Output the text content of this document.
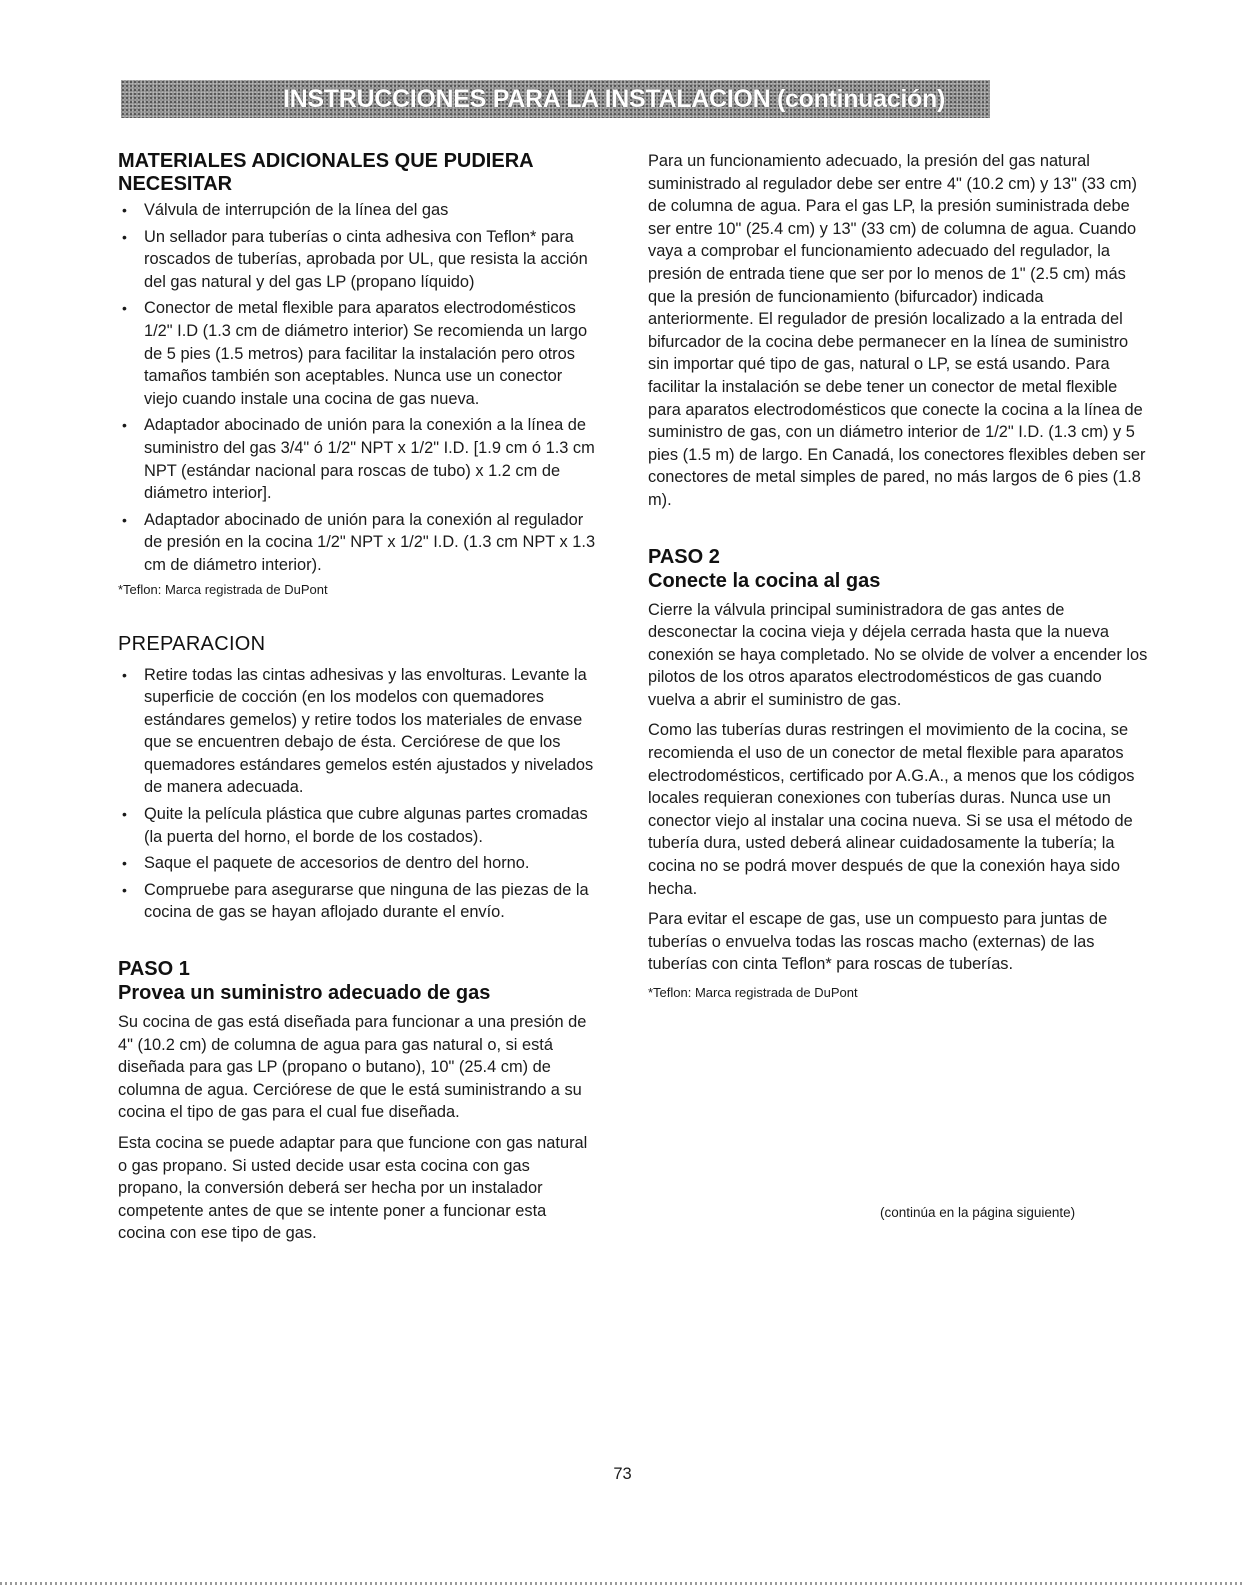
INSTRUCCIONES PARA LA INSTALACION (continuación)
MATERIALES ADICIONALES QUE PUDIERA NECESITAR
• Válvula de interrupción de la línea del gas
• Un sellador para tuberías o cinta adhesiva con Teflon* para roscados de tuberías, aprobada por UL, que resista la acción del gas natural y del gas LP (propano líquido)
• Conector de metal flexible para aparatos electrodomésticos 1/2" I.D (1.3 cm de diámetro interior) Se recomienda un largo de 5 pies (1.5 metros) para facilitar la instalación pero otros tamaños también son aceptables. Nunca use un conector viejo cuando instale una cocina de gas nueva.
• Adaptador abocinado de unión para la conexión a la línea de suministro del gas 3/4" ó 1/2" NPT x 1/2" I.D. [1.9 cm ó 1.3 cm NPT (estándar nacional para roscas de tubo) x 1.2 cm de diámetro interior].
• Adaptador abocinado de unión para la conexión al regulador de presión en la cocina 1/2" NPT x 1/2" I.D. (1.3 cm NPT x 1.3 cm de diámetro interior).

*Teflon: Marca registrada de DuPont

PREPARACION
• Retire todas las cintas adhesivas y las envolturas. Levante la superficie de cocción (en los modelos con quemadores estándares gemelos) y retire todos los materiales de envase que se encuentren debajo de ésta. Cerciórese de que los quemadores estándares gemelos estén ajustados y nivelados de manera adecuada.
• Quite la película plástica que cubre algunas partes cromadas (la puerta del horno, el borde de los costados).
• Saque el paquete de accesorios de dentro del horno.
• Compruebe para asegurarse que ninguna de las piezas de la cocina de gas se hayan aflojado durante el envío.
PASO 1
Provea un suministro adecuado de gas

Su cocina de gas está diseñada para funcionar a una presión de 4" (10.2 cm) de columna de agua para gas natural o, si está diseñada para gas LP (propano o butano), 10" (25.4 cm) de columna de agua. Cerciórese de que le está suministrando a su cocina el tipo de gas para el cual fue diseñada.

Esta cocina se puede adaptar para que funcione con gas natural o gas propano. Si usted decide usar esta cocina con gas propano, la conversión deberá ser hecha por un instalador competente antes de que se intente poner a funcionar esta cocina con ese tipo de gas.

Para un funcionamiento adecuado, la presión del gas natural suministrado al regulador debe ser entre 4" (10.2 cm) y 13" (33 cm) de columna de agua. Para el gas LP, la presión suministrada debe ser entre 10" (25.4 cm) y 13" (33 cm) de columna de agua. Cuando vaya a comprobar el funcionamiento adecuado del regulador, la presión de entrada tiene que ser por lo menos de 1" (2.5 cm) más que la presión de funcionamiento (bifurcador) indicada anteriormente. El regulador de presión localizado a la entrada del bifurcador de la cocina debe permanecer en la línea de suministro sin importar qué tipo de gas, natural o LP, se está usando. Para facilitar la instalación se debe tener un conector de metal flexible para aparatos electrodomésticos que conecte la cocina a la línea de suministro de gas, con un diámetro interior de 1/2" I.D. (1.3 cm) y 5 pies (1.5 m) de largo. En Canadá, los conectores flexibles deben ser conectores de metal simples de pared, no más largos de 6 pies (1.8 m).

PASO 2
Conecte la cocina al gas

Cierre la válvula principal suministradora de gas antes de desconectar la cocina vieja y déjela cerrada hasta que la nueva conexión se haya completado. No se olvide de volver a encender los pilotos de los otros aparatos electrodomésticos de gas cuando vuelva a abrir el suministro de gas.

Como las tuberías duras restringen el movimiento de la cocina, se recomienda el uso de un conector de metal flexible para aparatos electrodomésticos, certificado por A.G.A., a menos que los códigos locales requieran conexiones con tuberías duras. Nunca use un conector viejo al instalar una cocina nueva. Si se usa el método de tubería dura, usted deberá alinear cuidadosamente la tubería; la cocina no se podrá mover después de que la conexión haya sido hecha.

Para evitar el escape de gas, use un compuesto para juntas de tuberías o envuelva todas las roscas macho (externas) de las tuberías con cinta Teflon* para roscas de tuberías.

*Teflon: Marca registrada de DuPont

(continúa en la página siguiente)
73
